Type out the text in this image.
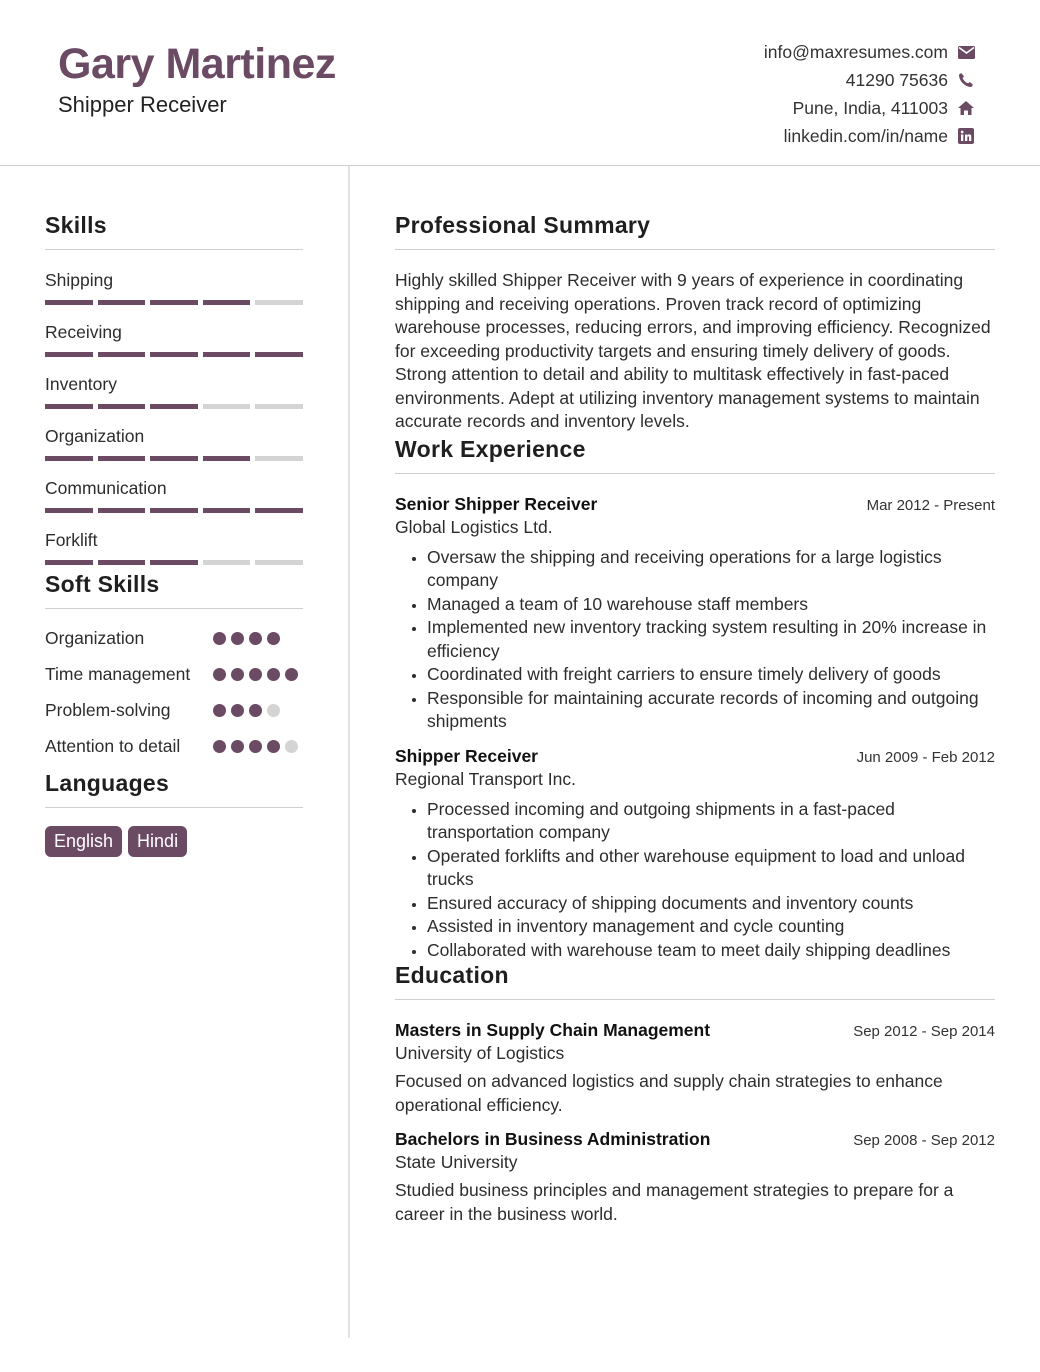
Gary Martinez
Shipper Receiver
info@maxresumes.com
41290 75636
Pune, India, 411003
linkedin.com/in/name
Skills
Shipping
Receiving
Inventory
Organization
Communication
Forklift
Soft Skills
Organization
Time management
Problem-solving
Attention to detail
Languages
English	Hindi
Professional Summary
Highly skilled Shipper Receiver with 9 years of experience in coordinating shipping and receiving operations. Proven track record of optimizing warehouse processes, reducing errors, and improving efficiency. Recognized for exceeding productivity targets and ensuring timely delivery of goods. Strong attention to detail and ability to multitask effectively in fast-paced environments. Adept at utilizing inventory management systems to maintain accurate records and inventory levels.
Work Experience
Senior Shipper Receiver	Mar 2012 - Present
Global Logistics Ltd.
• Oversaw the shipping and receiving operations for a large logistics company
• Managed a team of 10 warehouse staff members
• Implemented new inventory tracking system resulting in 20% increase in efficiency
• Coordinated with freight carriers to ensure timely delivery of goods
• Responsible for maintaining accurate records of incoming and outgoing shipments
Shipper Receiver	Jun 2009 - Feb 2012
Regional Transport Inc.
• Processed incoming and outgoing shipments in a fast-paced transportation company
• Operated forklifts and other warehouse equipment to load and unload trucks
• Ensured accuracy of shipping documents and inventory counts
• Assisted in inventory management and cycle counting
• Collaborated with warehouse team to meet daily shipping deadlines
Education
Masters in Supply Chain Management	Sep 2012 - Sep 2014
University of Logistics
Focused on advanced logistics and supply chain strategies to enhance operational efficiency.
Bachelors in Business Administration	Sep 2008 - Sep 2012
State University
Studied business principles and management strategies to prepare for a career in the business world.
